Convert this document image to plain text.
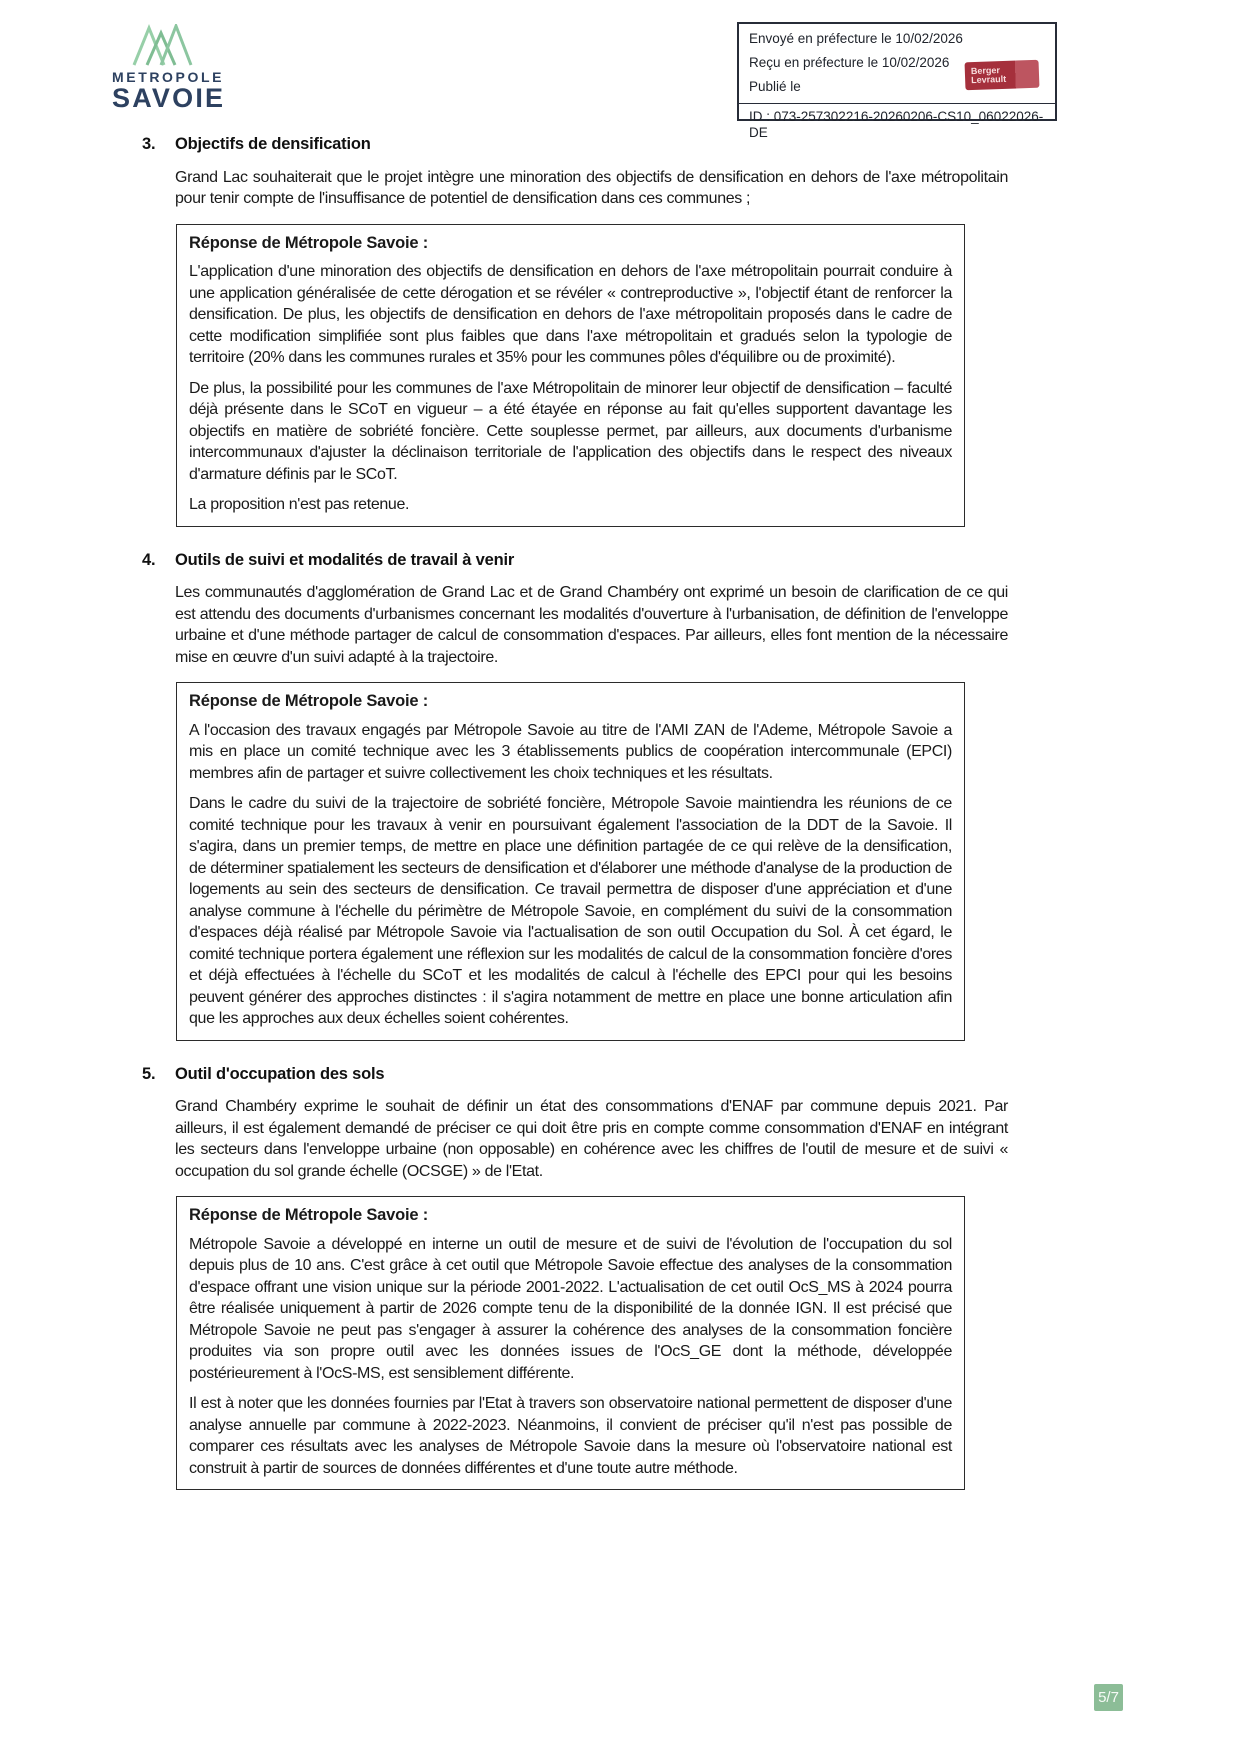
METROPOLE
SAVOIE
Envoyé en préfecture le 10/02/2026
Reçu en préfecture le 10/02/2026
Publié le
ID : 073-257302216-20260206-CS10_06022026-DE
Berger
Levrault
3.	Objectifs de densification

Grand Lac souhaiterait que le projet intègre une minoration des objectifs de densification en dehors de l'axe métropolitain pour tenir compte de l'insuffisance de potentiel de densification dans ces communes ;

Réponse de Métropole Savoie :

L'application d'une minoration des objectifs de densification en dehors de l'axe métropolitain pourrait conduire à une application généralisée de cette dérogation et se révéler « contreproductive », l'objectif étant de renforcer la densification. De plus, les objectifs de densification en dehors de l'axe métropolitain proposés dans le cadre de cette modification simplifiée sont plus faibles que dans l'axe métropolitain et gradués selon la typologie de territoire (20% dans les communes rurales et 35% pour les communes pôles d'équilibre ou de proximité).

De plus, la possibilité pour les communes de l'axe Métropolitain de minorer leur objectif de densification – faculté déjà présente dans le SCoT en vigueur – a été étayée en réponse au fait qu'elles supportent davantage les objectifs en matière de sobriété foncière. Cette souplesse permet, par ailleurs, aux documents d'urbanisme intercommunaux d'ajuster la déclinaison territoriale de l'application des objectifs dans le respect des niveaux d'armature définis par le SCoT.

La proposition n'est pas retenue.

4.	Outils de suivi et modalités de travail à venir

Les communautés d'agglomération de Grand Lac et de Grand Chambéry ont exprimé un besoin de clarification de ce qui est attendu des documents d'urbanismes concernant les modalités d'ouverture à l'urbanisation, de définition de l'enveloppe urbaine et d'une méthode partager de calcul de consommation d'espaces. Par ailleurs, elles font mention de la nécessaire mise en œuvre d'un suivi adapté à la trajectoire.

Réponse de Métropole Savoie :

A l'occasion des travaux engagés par Métropole Savoie au titre de l'AMI ZAN de l'Ademe, Métropole Savoie a mis en place un comité technique avec les 3 établissements publics de coopération intercommunale (EPCI) membres afin de partager et suivre collectivement les choix techniques et les résultats.

Dans le cadre du suivi de la trajectoire de sobriété foncière, Métropole Savoie maintiendra les réunions de ce comité technique pour les travaux à venir en poursuivant également l'association de la DDT de la Savoie. Il s'agira, dans un premier temps, de mettre en place une définition partagée de ce qui relève de la densification, de déterminer spatialement les secteurs de densification et d'élaborer une méthode d'analyse de la production de logements au sein des secteurs de densification. Ce travail permettra de disposer d'une appréciation et d'une analyse commune à l'échelle du périmètre de Métropole Savoie, en complément du suivi de la consommation d'espaces déjà réalisé par Métropole Savoie via l'actualisation de son outil Occupation du Sol. À cet égard, le comité technique portera également une réflexion sur les modalités de calcul de la consommation foncière d'ores et déjà effectuées à l'échelle du SCoT et les modalités de calcul à l'échelle des EPCI pour qui les besoins peuvent générer des approches distinctes : il s'agira notamment de mettre en place une bonne articulation afin que les approches aux deux échelles soient cohérentes.

5.	Outil d'occupation des sols

Grand Chambéry exprime le souhait de définir un état des consommations d'ENAF par commune depuis 2021. Par ailleurs, il est également demandé de préciser ce qui doit être pris en compte comme consommation d'ENAF en intégrant les secteurs dans l'enveloppe urbaine (non opposable) en cohérence avec les chiffres de l'outil de mesure et de suivi « occupation du sol grande échelle (OCSGE) » de l'Etat.

Réponse de Métropole Savoie :

Métropole Savoie a développé en interne un outil de mesure et de suivi de l'évolution de l'occupation du sol depuis plus de 10 ans. C'est grâce à cet outil que Métropole Savoie effectue des analyses de la consommation d'espace offrant une vision unique sur la période 2001-2022. L'actualisation de cet outil OcS_MS à 2024 pourra être réalisée uniquement à partir de 2026 compte tenu de la disponibilité de la donnée IGN. Il est précisé que Métropole Savoie ne peut pas s'engager à assurer la cohérence des analyses de la consommation foncière produites via son propre outil avec les données issues de l'OcS_GE dont la méthode, développée postérieurement à l'OcS-MS, est sensiblement différente.

Il est à noter que les données fournies par l'Etat à travers son observatoire national permettent de disposer d'une analyse annuelle par commune à 2022-2023. Néanmoins, il convient de préciser qu'il n'est pas possible de comparer ces résultats avec les analyses de Métropole Savoie dans la mesure où l'observatoire national est construit à partir de sources de données différentes et d'une toute autre méthode.

5/7
